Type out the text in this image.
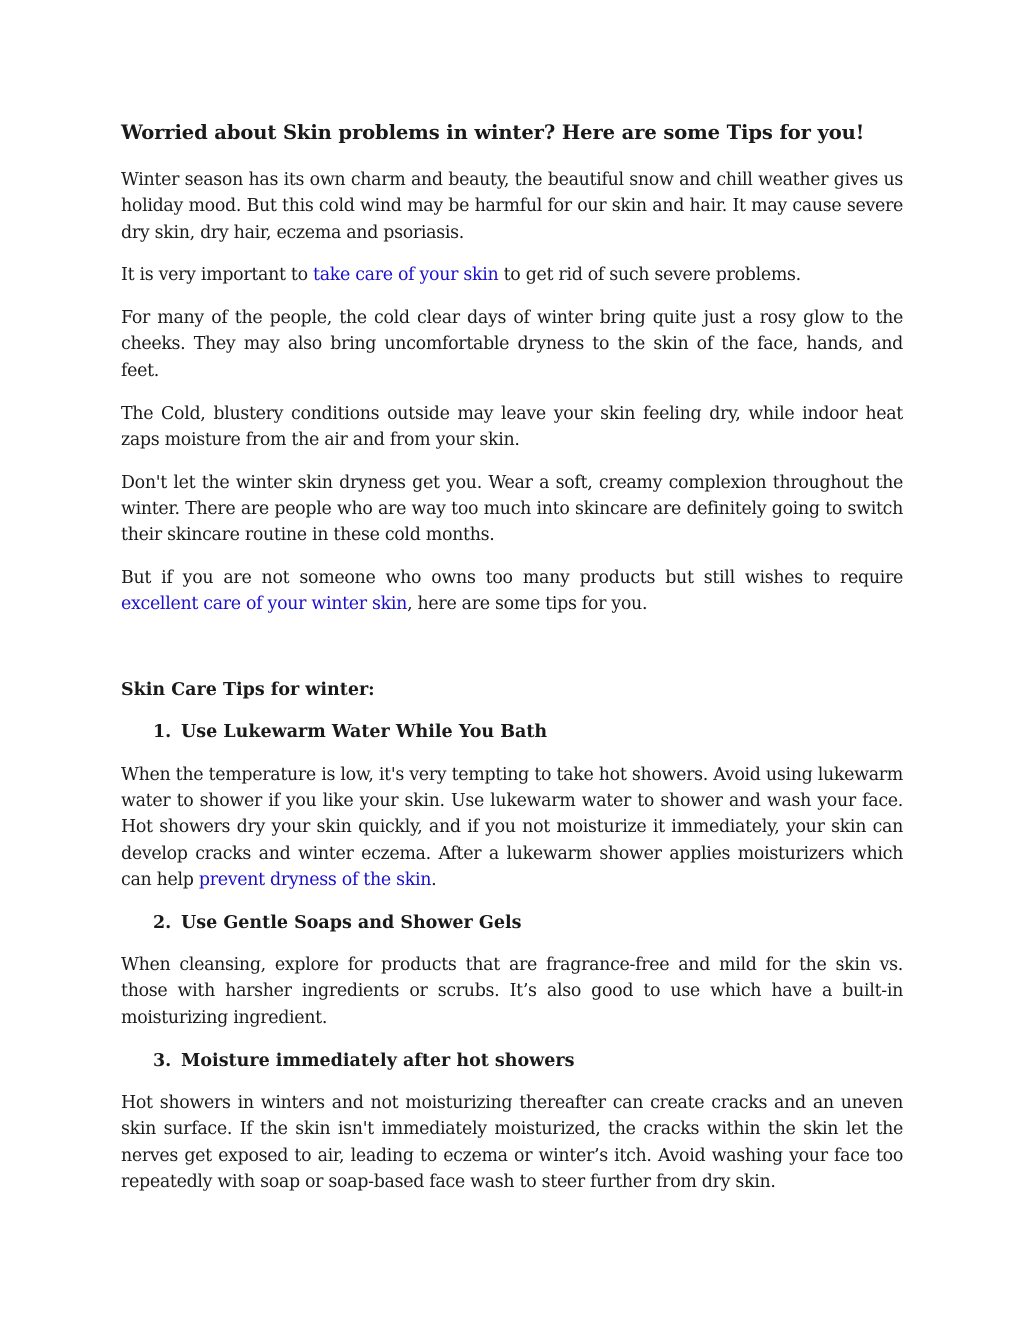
Worried about Skin problems in winter? Here are some Tips for you!

Winter season has its own charm and beauty, the beautiful snow and chill weather gives us holiday mood. But this cold wind may be harmful for our skin and hair. It may cause severe dry skin, dry hair, eczema and psoriasis.

It is very important to take care of your skin to get rid of such severe problems.

For many of the people, the cold clear days of winter bring quite just a rosy glow to the cheeks. They may also bring uncomfortable dryness to the skin of the face, hands, and feet.

The Cold, blustery conditions outside may leave your skin feeling dry, while indoor heat zaps moisture from the air and from your skin.

Don't let the winter skin dryness get you. Wear a soft, creamy complexion throughout the winter. There are people who are way too much into skincare are definitely going to switch their skincare routine in these cold months.

But if you are not someone who owns too many products but still wishes to require excellent care of your winter skin, here are some tips for you.

Skin Care Tips for winter:
1. Use Lukewarm Water While You Bath

When the temperature is low, it's very tempting to take hot showers. Avoid using lukewarm water to shower if you like your skin. Use lukewarm water to shower and wash your face. Hot showers dry your skin quickly, and if you not moisturize it immediately, your skin can develop cracks and winter eczema. After a lukewarm shower applies moisturizers which can help prevent dryness of the skin.

2. Use Gentle Soaps and Shower Gels

When cleansing, explore for products that are fragrance-free and mild for the skin vs. those with harsher ingredients or scrubs. It’s also good to use which have a built-in moisturizing ingredient.

3. Moisture immediately after hot showers

Hot showers in winters and not moisturizing thereafter can create cracks and an uneven skin surface. If the skin isn't immediately moisturized, the cracks within the skin let the nerves get exposed to air, leading to eczema or winter’s itch. Avoid washing your face too repeatedly with soap or soap-based face wash to steer further from dry skin.
